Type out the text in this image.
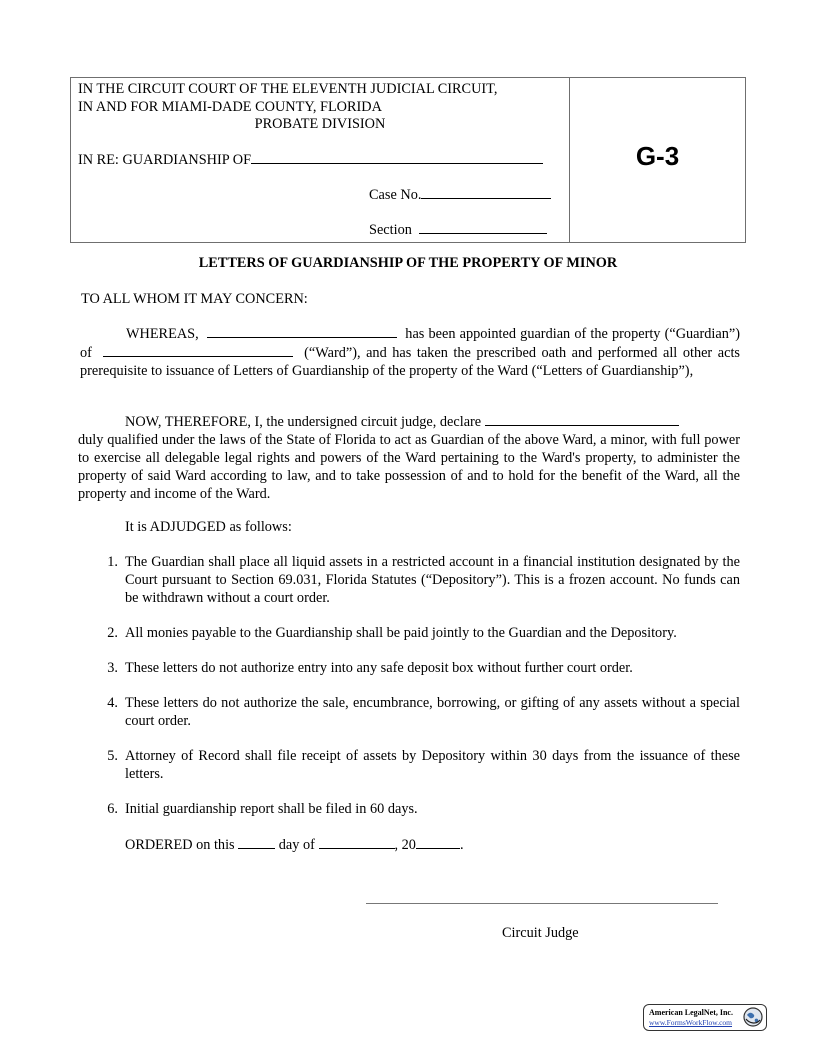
IN THE CIRCUIT COURT OF THE ELEVENTH JUDICIAL CIRCUIT,
IN AND FOR MIAMI-DADE COUNTY, FLORIDA
PROBATE DIVISION
IN RE: GUARDIANSHIP OF
Case No.
Section
G-3
LETTERS OF GUARDIANSHIP OF THE PROPERTY OF MINOR
TO ALL WHOM IT MAY CONCERN:
WHEREAS,	has been appointed guardian of the property (“Guardian”) of	(“Ward”), and has taken the prescribed oath and performed all other acts prerequisite to issuance of Letters of Guardianship of the property of the Ward (“Letters of Guardianship”),
NOW, THEREFORE, I, the undersigned circuit judge, declare
duly qualified under the laws of the State of Florida to act as Guardian of the above Ward, a minor, with full power to exercise all delegable legal rights and powers of the Ward pertaining to the Ward's property, to administer the property of said Ward according to law, and to take possession of and to hold for the benefit of the Ward, all the property and income of the Ward.
It is ADJUDGED as follows:
1. The Guardian shall place all liquid assets in a restricted account in a financial institution designated by the Court pursuant to Section 69.031, Florida Statutes (“Depository”). This is a frozen account. No funds can be withdrawn without a court order.
2. All monies payable to the Guardianship shall be paid jointly to the Guardian and the Depository.
3. These letters do not authorize entry into any safe deposit box without further court order.
4. These letters do not authorize the sale, encumbrance, borrowing, or gifting of any assets without a special court order.
5. Attorney of Record shall file receipt of assets by Depository within 30 days from the issuance of these letters.
6. Initial guardianship report shall be filed in 60 days.
ORDERED on this	day of	, 20	.
Circuit Judge
American LegalNet, Inc.
www.FormsWorkFlow.com
